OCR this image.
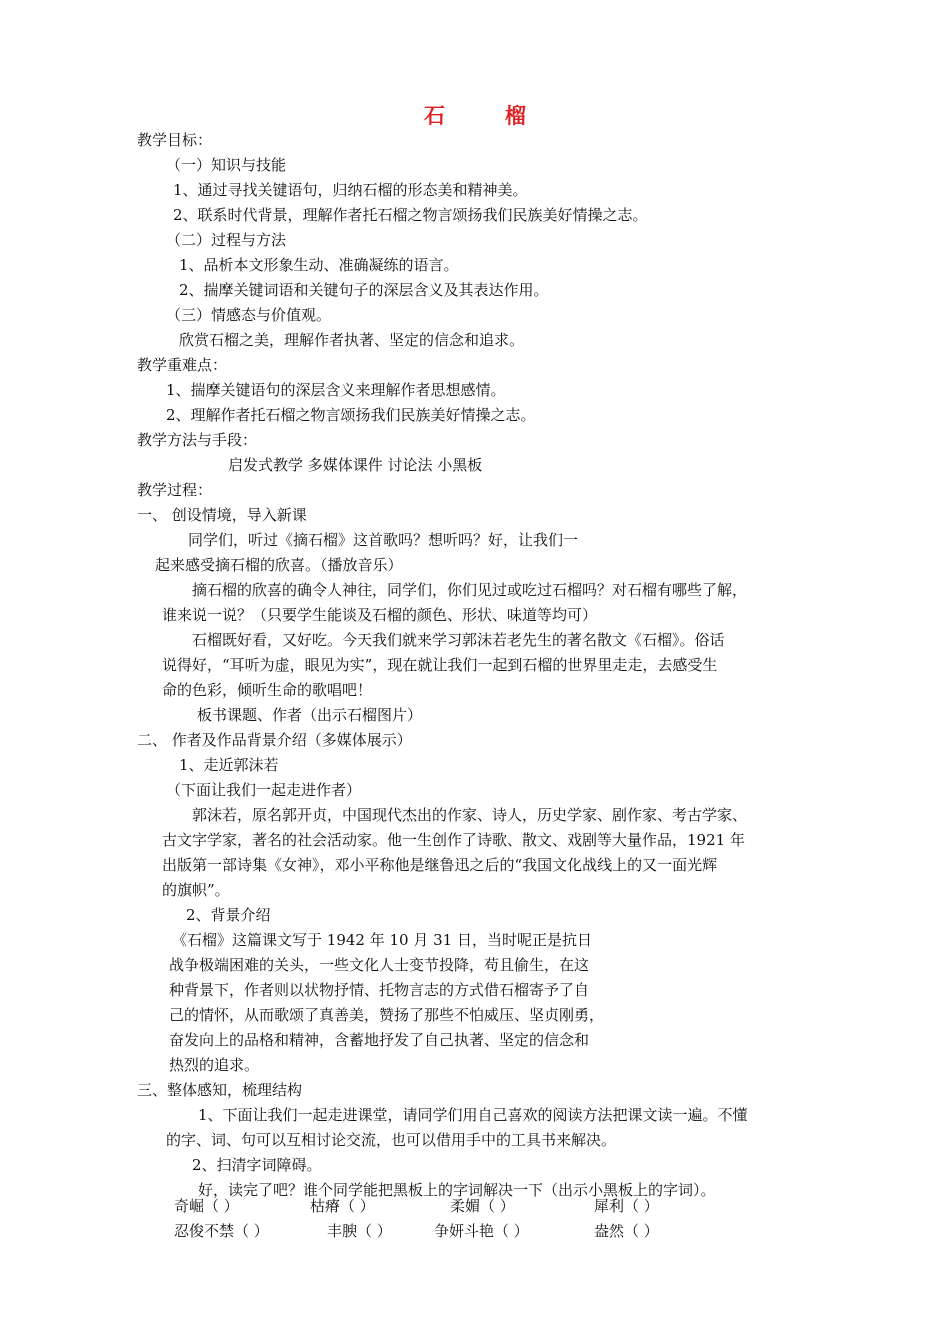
石	榴
教学目标：
（一）知识与技能
1、通过寻找关键语句，归纳石榴的形态美和精神美。
2、联系时代背景，理解作者托石榴之物言颂扬我们民族美好情操之志。
（二）过程与方法
1、品析本文形象生动、准确凝练的语言。
2、揣摩关键词语和关键句子的深层含义及其表达作用。
（三）情感态与价值观。
欣赏石榴之美，理解作者执著、坚定的信念和追求。
教学重难点：
1、揣摩关键语句的深层含义来理解作者思想感情。
2、理解作者托石榴之物言颂扬我们民族美好情操之志。
教学方法与手段：
启发式教学 多媒体课件 讨论法 小黑板
教学过程：
一、 创设情境，导入新课
同学们，听过《摘石榴》这首歌吗？想听吗？好，让我们一
起来感受摘石榴的欣喜。（播放音乐）
摘石榴的欣喜的确令人神往，同学们，你们见过或吃过石榴吗？对石榴有哪些了解，
谁来说一说？（只要学生能谈及石榴的颜色、形状、味道等均可）
石榴既好看，又好吃。今天我们就来学习郭沫若老先生的著名散文《石榴》。俗话
说得好，“耳听为虚，眼见为实”，现在就让我们一起到石榴的世界里走走，去感受生
命的色彩，倾听生命的歌唱吧！
板书课题、作者（出示石榴图片）
二、 作者及作品背景介绍（多媒体展示）
1、走近郭沫若
（下面让我们一起走进作者）
郭沫若，原名郭开贞，中国现代杰出的作家、诗人，历史学家、剧作家、考古学家、
古文字学家，著名的社会活动家。他一生创作了诗歌、散文、戏剧等大量作品，1921 年
出版第一部诗集《女神》，邓小平称他是继鲁迅之后的“我国文化战线上的又一面光辉
的旗帜”。
2、背景介绍
《石榴》这篇课文写于 1942 年 10 月 31 日，当时呢正是抗日
战争极端困难的关头，一些文化人士变节投降，苟且偷生，在这
种背景下，作者则以状物抒情、托物言志的方式借石榴寄予了自
己的情怀，从而歌颂了真善美，赞扬了那些不怕威压、坚贞刚勇，
奋发向上的品格和精神，含蓄地抒发了自己执著、坚定的信念和
热烈的追求。
三、整体感知，梳理结构
1、下面让我们一起走进课堂，请同学们用自己喜欢的阅读方法把课文读一遍。不懂
的字、词、句可以互相讨论交流，也可以借用手中的工具书来解决。
2、扫清字词障碍。
好，读完了吧？谁个同学能把黑板上的字词解决一下（出示小黑板上的字词）。
奇崛（ ）	枯瘠（ ）	柔媚（ ）	犀利（ ）
忍俊不禁（ ）	丰腴（ ）	争妍斗艳（ ）	盎然（ ）
